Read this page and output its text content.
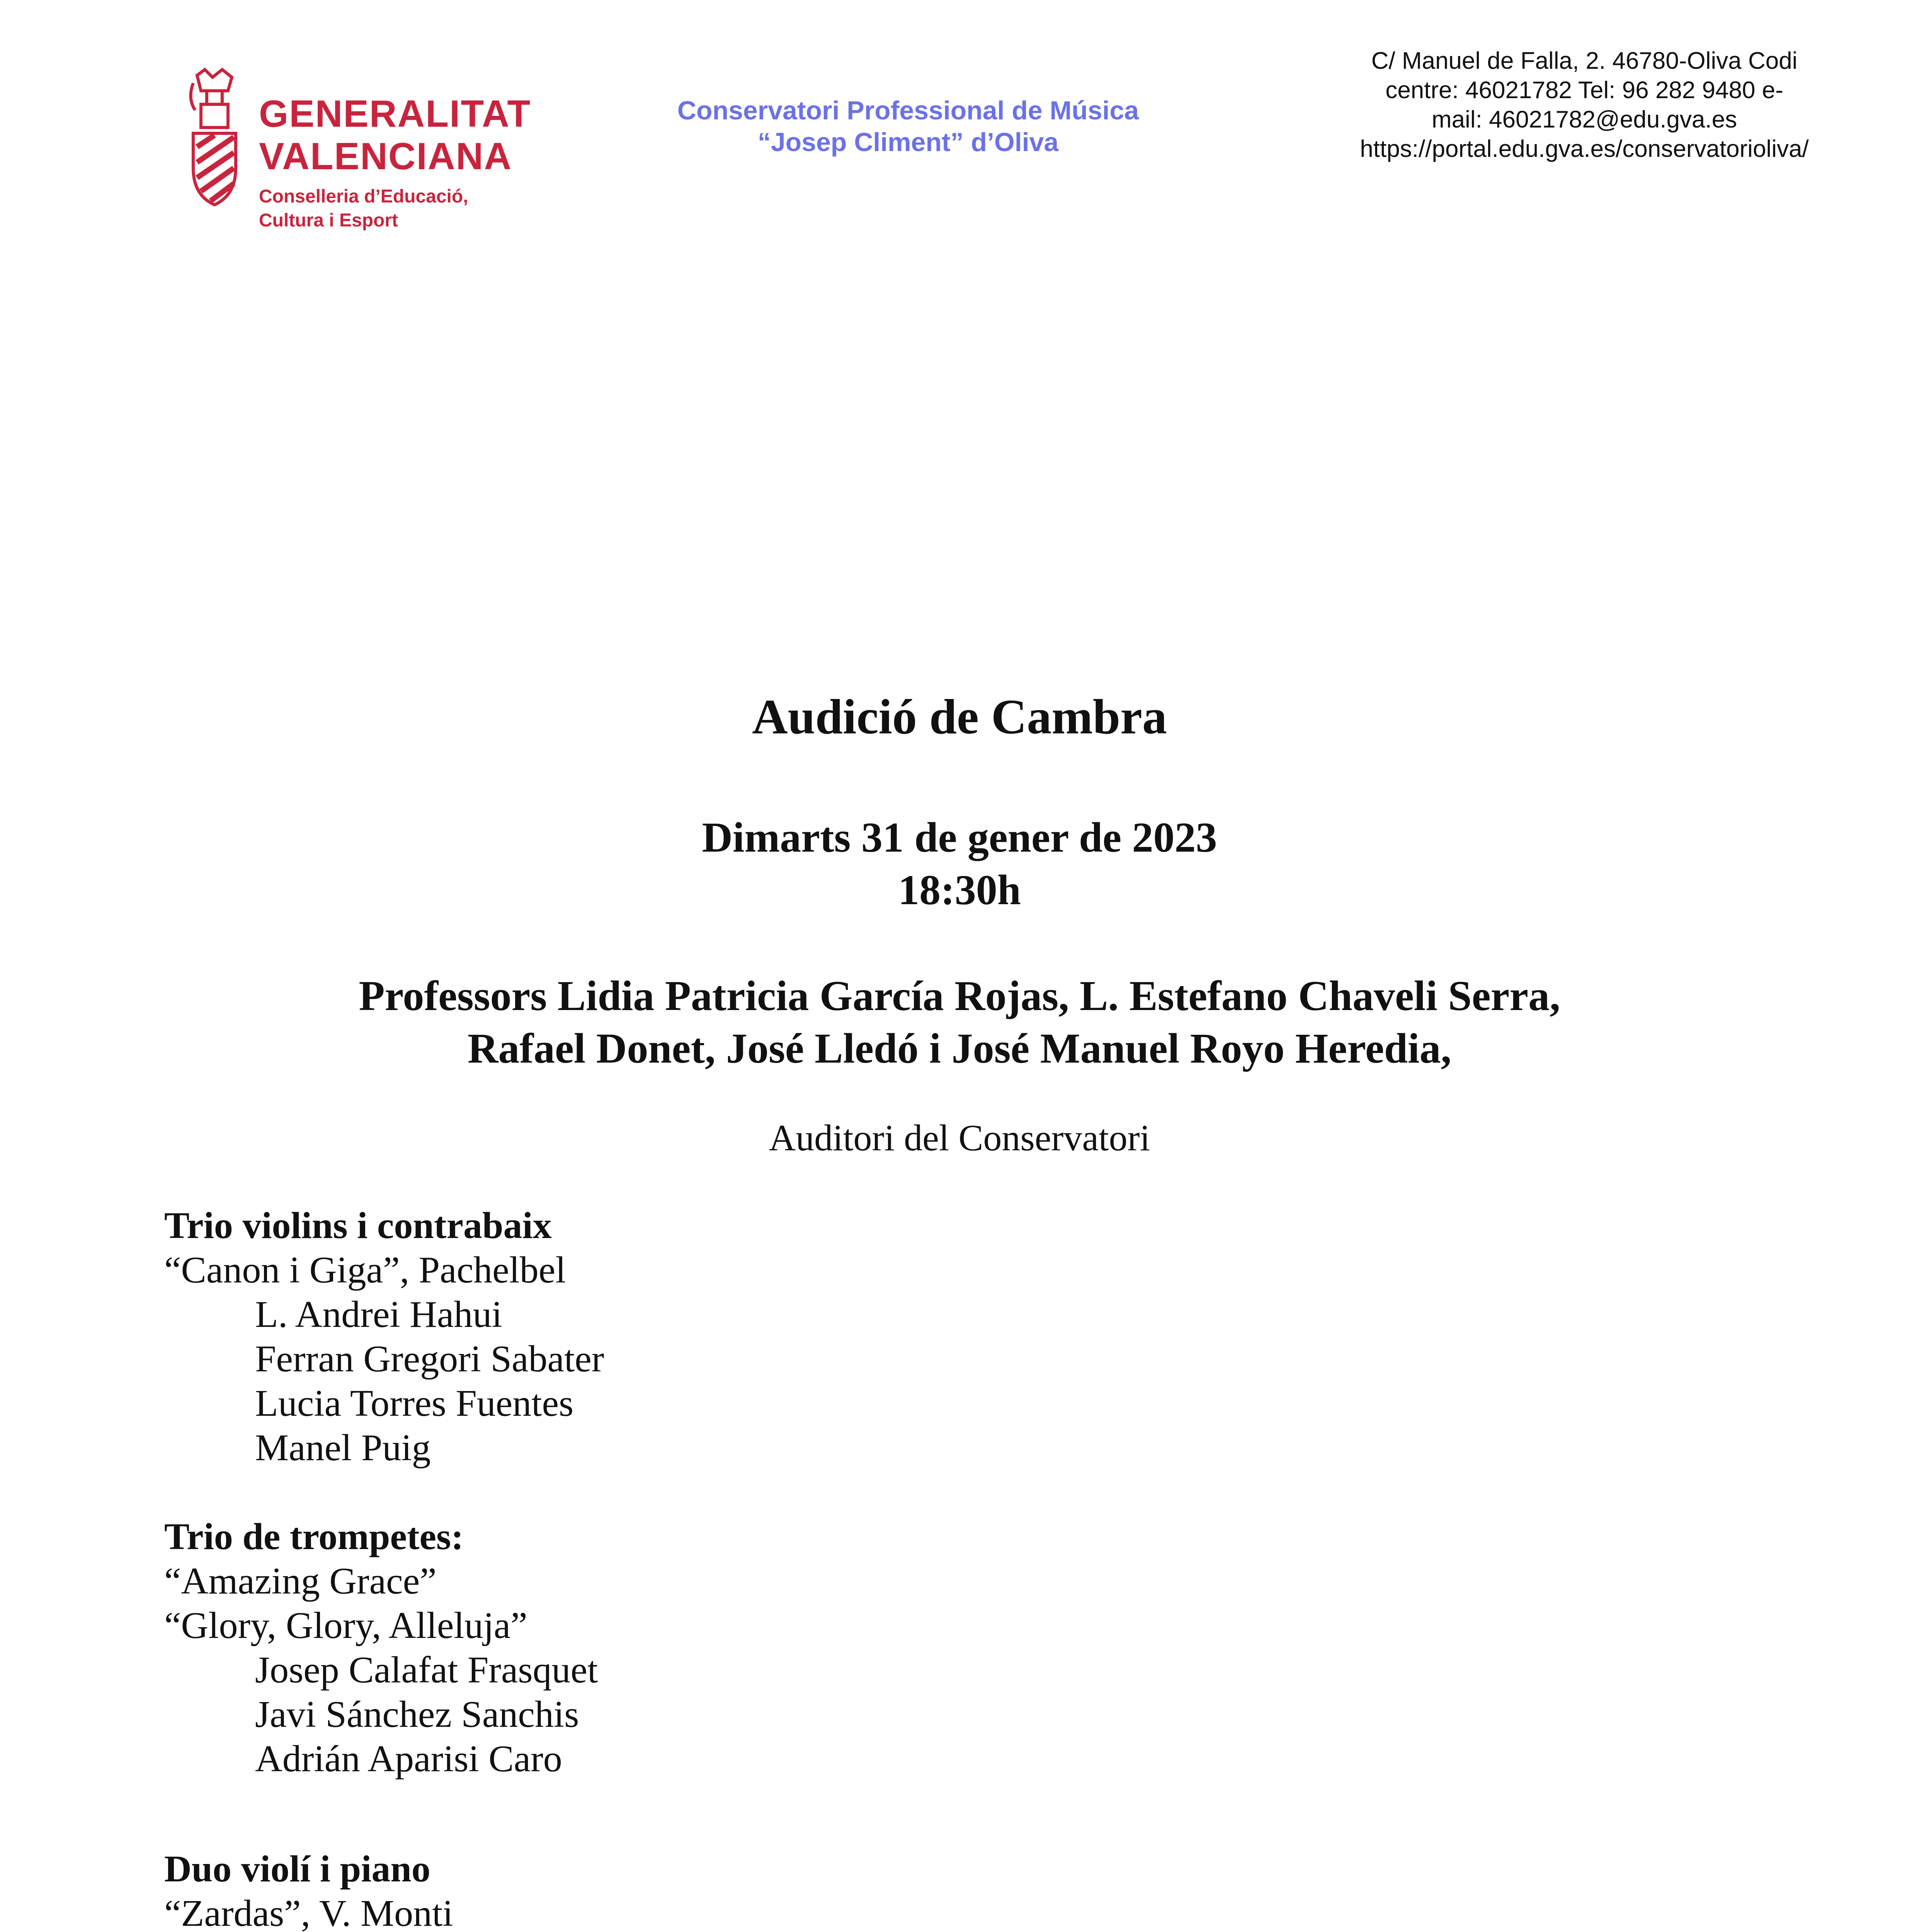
GENERALITAT
VALENCIANA
Conselleria d’Educació,
Cultura i Esport
Conservatori Professional de Música
“Josep Climent” d’Oliva
C/ Manuel de Falla, 2. 46780-Oliva Codi
centre: 46021782 Tel: 96 282 9480 e-
mail: 46021782@edu.gva.es
https://portal.edu.gva.es/conservatorioliva/
Audició de Cambra
Dimarts 31 de gener de 2023
18:30h
Professors Lidia Patricia García Rojas, L. Estefano Chaveli Serra,
Rafael Donet, José Lledó i José Manuel Royo Heredia,
Auditori del Conservatori
Trio violins i contrabaix
“Canon i Giga”, Pachelbel
L. Andrei Hahui
Ferran Gregori Sabater
Lucia Torres Fuentes
Manel Puig
Trio de trompetes:
“Amazing Grace”
“Glory, Glory, Alleluja”
Josep Calafat Frasquet
Javi Sánchez Sanchis
Adrián Aparisi Caro
Duo violí i piano
“Zardas”, V. Monti
